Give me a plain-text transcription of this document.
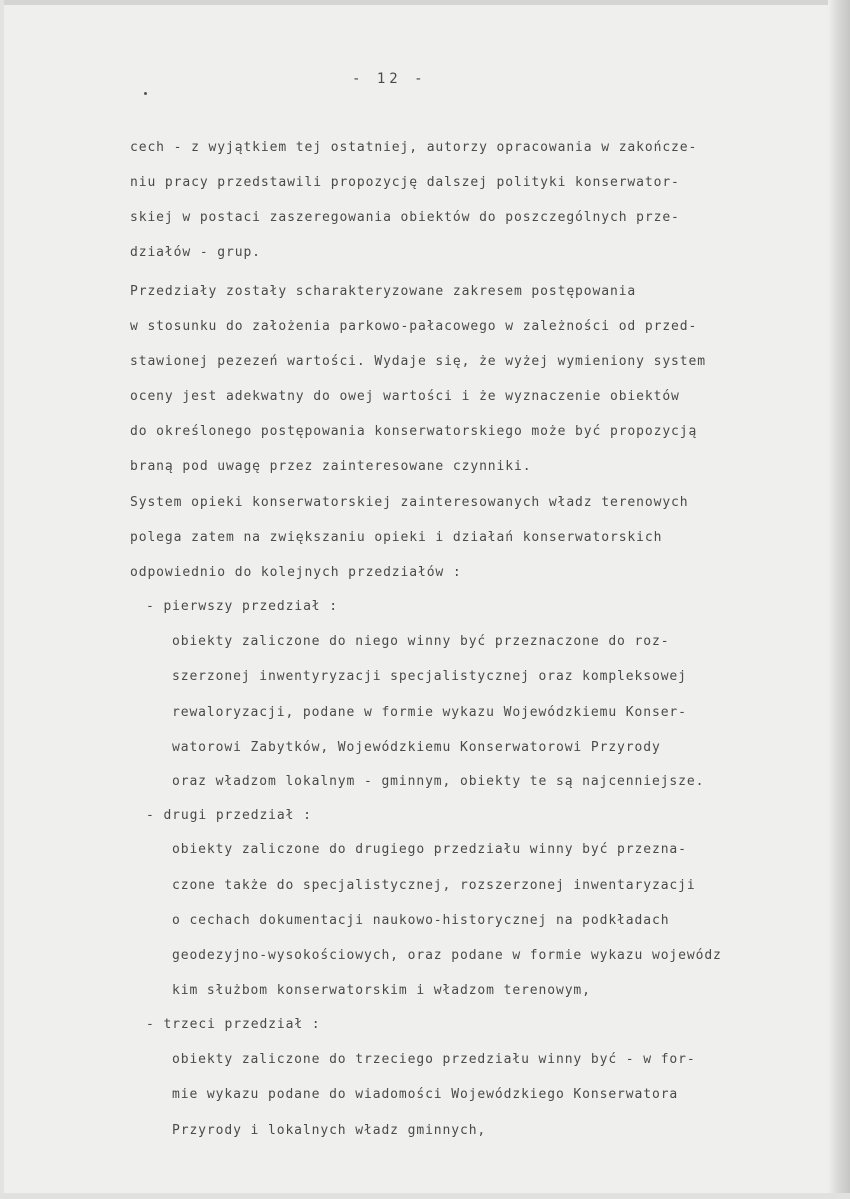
- 12 -
cech - z wyjątkiem tej ostatniej, autorzy opracowania w zakończe-
niu pracy przedstawili propozycję dalszej polityki konserwator-
skiej w postaci zaszeregowania obiektów do poszczególnych prze-
działów - grup.
Przedziały zostały scharakteryzowane zakresem postępowania
w stosunku do założenia parkowo-pałacowego w zależności od przed-
stawionej pezezeń wartości. Wydaje się, że wyżej wymieniony system
oceny jest adekwatny do owej wartości i że wyznaczenie obiektów
do określonego postępowania konserwatorskiego może być propozycją
braną pod uwagę przez zainteresowane czynniki.
System opieki konserwatorskiej zainteresowanych władz terenowych
polega zatem na zwiększaniu opieki i działań konserwatorskich
odpowiednio do kolejnych przedziałów :
- pierwszy przedział :
obiekty zaliczone do niego winny być przeznaczone do roz-
szerzonej inwentyryzacji specjalistycznej oraz kompleksowej
rewaloryzacji, podane w formie wykazu Wojewódzkiemu Konser-
watorowi Zabytków, Wojewódzkiemu Konserwatorowi Przyrody
oraz władzom lokalnym - gminnym, obiekty te są najcenniejsze.
- drugi przedział :
obiekty zaliczone do drugiego przedziału winny być przezna-
czone także do specjalistycznej, rozszerzonej inwentaryzacji
o cechach dokumentacji naukowo-historycznej na podkładach
geodezyjno-wysokościowych, oraz podane w formie wykazu wojewódz
kim służbom konserwatorskim i władzom terenowym,
- trzeci przedział :
obiekty zaliczone do trzeciego przedziału winny być - w for-
mie wykazu podane do wiadomości Wojewódzkiego Konserwatora
Przyrody i lokalnych władz gminnych,
